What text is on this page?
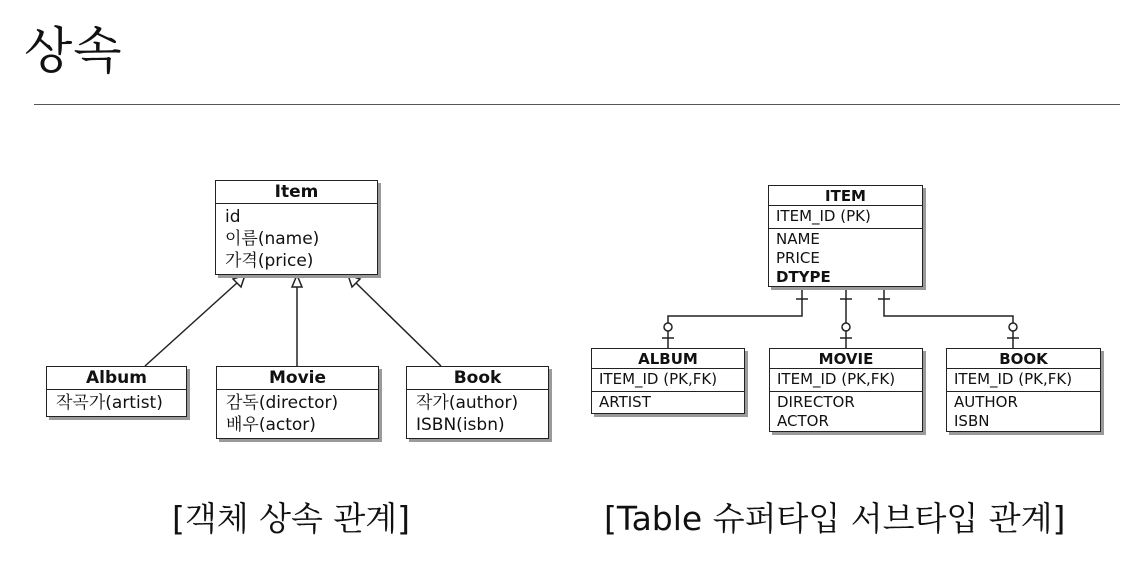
상속
Item
id
이름(name)
가격(price)
Album
작곡가(artist)
Movie
감독(director)
배우(actor)
Book
작가(author)
ISBN(isbn)
[객체 상속 관계]
ITEM
ITEM_ID (PK)
NAME
PRICE
DTYPE
ALBUM
ITEM_ID (PK,FK)
ARTIST
MOVIE
ITEM_ID (PK,FK)
DIRECTOR
ACTOR
BOOK
ITEM_ID (PK,FK)
AUTHOR
ISBN
[Table 슈퍼타입 서브타입 관계]
